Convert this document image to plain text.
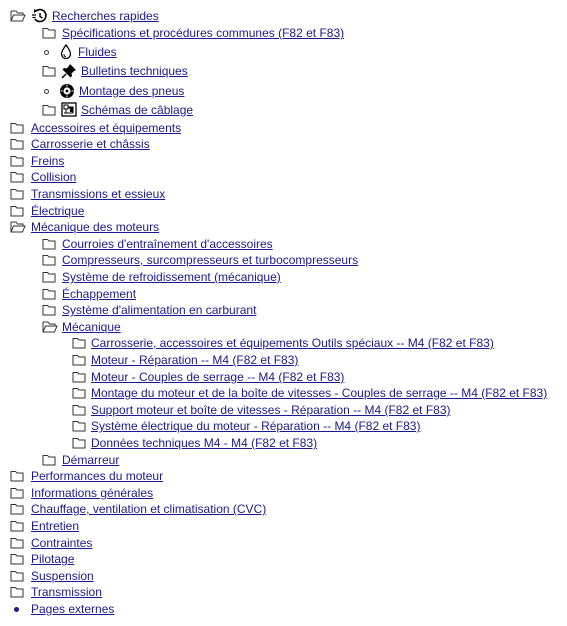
Recherches rapides
Spécifications et procédures communes (F82 et F83)
Fluides
Bulletins techniques
Montage des pneus
Schémas de câblage
Accessoires et équipements
Carrosserie et châssis
Freins
Collision
Transmissions et essieux
Électrique
Mécanique des moteurs
Courroies d'entraînement d'accessoires
Compresseurs, surcompresseurs et turbocompresseurs
Système de refroidissement (mécanique)
Échappement
Système d'alimentation en carburant
Mécanique
Carrosserie, accessoires et équipements Outils spéciaux -- M4 (F82 et F83)
Moteur - Réparation -- M4 (F82 et F83)
Moteur - Couples de serrage -- M4 (F82 et F83)
Montage du moteur et de la boîte de vitesses - Couples de serrage -- M4 (F82 et F83)
Support moteur et boîte de vitesses - Réparation -- M4 (F82 et F83)
Système électrique du moteur - Réparation -- M4 (F82 et F83)
Données techniques M4 - M4 (F82 et F83)
Démarreur
Performances du moteur
Informations générales
Chauffage, ventilation et climatisation (CVC)
Entretien
Contraintes
Pilotage
Suspension
Transmission
Pages externes
